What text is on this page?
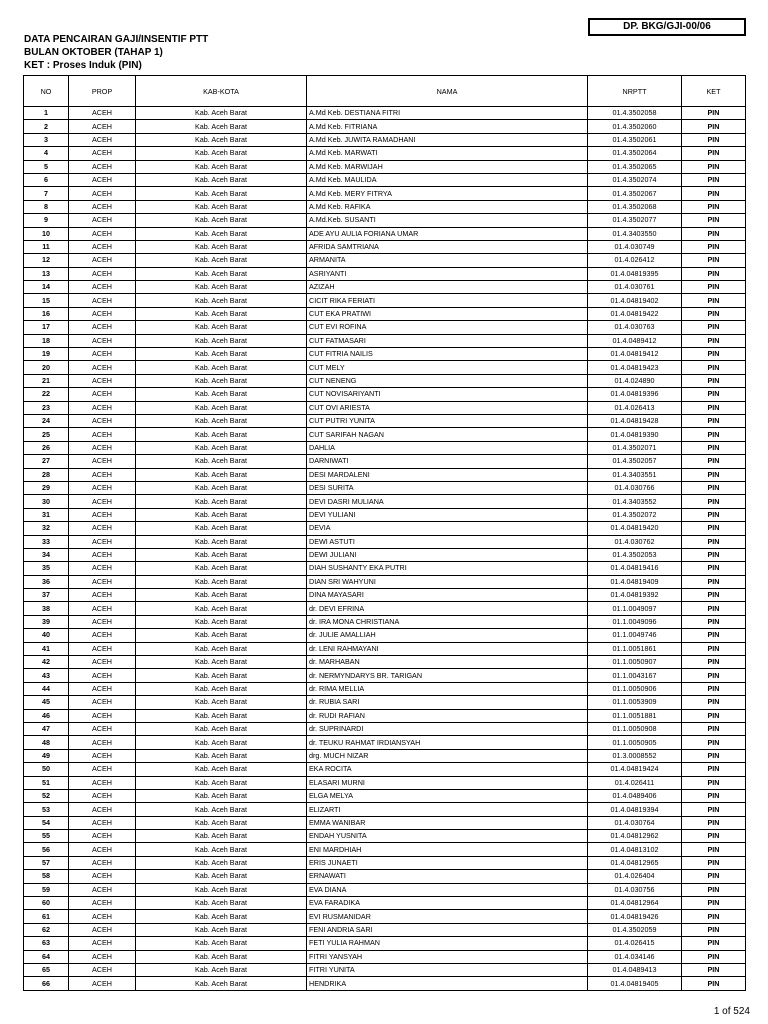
DP. BKG/GJI-00/06
DATA PENCAIRAN GAJI/INSENTIF PTT
BULAN OKTOBER (TAHAP 1)
KET : Proses Induk (PIN)
NO	PROP	KAB-KOTA	NAMA	NRPTT	KET
1	ACEH	Kab. Aceh Barat	A.Md Keb. DESTIANA FITRI	01.4.3502058	PIN
2	ACEH	Kab. Aceh Barat	A.Md Keb. FITRIANA	01.4.3502060	PIN
3	ACEH	Kab. Aceh Barat	A.Md Keb. JUWITA RAMADHANI	01.4.3502061	PIN
4	ACEH	Kab. Aceh Barat	A.Md Keb. MARWATI	01.4.3502064	PIN
5	ACEH	Kab. Aceh Barat	A.Md Keb. MARWIJAH	01.4.3502065	PIN
6	ACEH	Kab. Aceh Barat	A.Md Keb. MAULIDA	01.4.3502074	PIN
7	ACEH	Kab. Aceh Barat	A.Md Keb. MERY FITRYA	01.4.3502067	PIN
8	ACEH	Kab. Aceh Barat	A.Md Keb. RAFIKA	01.4.3502068	PIN
9	ACEH	Kab. Aceh Barat	A.Md.Keb. SUSANTI	01.4.3502077	PIN
10	ACEH	Kab. Aceh Barat	ADE AYU AULIA FORIANA UMAR	01.4.3403550	PIN
11	ACEH	Kab. Aceh Barat	AFRIDA SAMTRIANA	01.4.030749	PIN
12	ACEH	Kab. Aceh Barat	ARMANITA	01.4.026412	PIN
13	ACEH	Kab. Aceh Barat	ASRIYANTI	01.4.04819395	PIN
14	ACEH	Kab. Aceh Barat	AZIZAH	01.4.030761	PIN
15	ACEH	Kab. Aceh Barat	CICIT RIKA FERIATI	01.4.04819402	PIN
16	ACEH	Kab. Aceh Barat	CUT EKA PRATIWI	01.4.04819422	PIN
17	ACEH	Kab. Aceh Barat	CUT EVI ROFINA	01.4.030763	PIN
18	ACEH	Kab. Aceh Barat	CUT FATMASARI	01.4.0489412	PIN
19	ACEH	Kab. Aceh Barat	CUT FITRIA NAILIS	01.4.04819412	PIN
20	ACEH	Kab. Aceh Barat	CUT MELY	01.4.04819423	PIN
21	ACEH	Kab. Aceh Barat	CUT NENENG	01.4.024890	PIN
22	ACEH	Kab. Aceh Barat	CUT NOVISARIYANTI	01.4.04819396	PIN
23	ACEH	Kab. Aceh Barat	CUT OVI ARIESTA	01.4.026413	PIN
24	ACEH	Kab. Aceh Barat	CUT PUTRI YUNITA	01.4.04819428	PIN
25	ACEH	Kab. Aceh Barat	CUT SARIFAH NAGAN	01.4.04819390	PIN
26	ACEH	Kab. Aceh Barat	DAHLIA	01.4.3502071	PIN
27	ACEH	Kab. Aceh Barat	DARNIWATI	01.4.3502057	PIN
28	ACEH	Kab. Aceh Barat	DESI MARDALENI	01.4.3403551	PIN
29	ACEH	Kab. Aceh Barat	DESI SURITA	01.4.030766	PIN
30	ACEH	Kab. Aceh Barat	DEVI DASRI MULIANA	01.4.3403552	PIN
31	ACEH	Kab. Aceh Barat	DEVI YULIANI	01.4.3502072	PIN
32	ACEH	Kab. Aceh Barat	DEVIA	01.4.04819420	PIN
33	ACEH	Kab. Aceh Barat	DEWI ASTUTI	01.4.030762	PIN
34	ACEH	Kab. Aceh Barat	DEWI JULIANI	01.4.3502053	PIN
35	ACEH	Kab. Aceh Barat	DIAH SUSHANTY EKA PUTRI	01.4.04819416	PIN
36	ACEH	Kab. Aceh Barat	DIAN SRI WAHYUNI	01.4.04819409	PIN
37	ACEH	Kab. Aceh Barat	DINA MAYASARI	01.4.04819392	PIN
38	ACEH	Kab. Aceh Barat	dr. DEVI EFRINA	01.1.0049097	PIN
39	ACEH	Kab. Aceh Barat	dr. IRA MONA CHRISTIANA	01.1.0049096	PIN
40	ACEH	Kab. Aceh Barat	dr. JULIE AMALLIAH	01.1.0049746	PIN
41	ACEH	Kab. Aceh Barat	dr. LENI RAHMAYANI	01.1.0051861	PIN
42	ACEH	Kab. Aceh Barat	dr. MARHABAN	01.1.0050907	PIN
43	ACEH	Kab. Aceh Barat	dr. NERMYNDARYS BR. TARIGAN	01.1.0043167	PIN
44	ACEH	Kab. Aceh Barat	dr. RIMA MELLIA	01.1.0050906	PIN
45	ACEH	Kab. Aceh Barat	dr. RUBIA SARI	01.1.0053909	PIN
46	ACEH	Kab. Aceh Barat	dr. RUDI RAFIAN	01.1.0051881	PIN
47	ACEH	Kab. Aceh Barat	dr. SUPRINARDI	01.1.0050908	PIN
48	ACEH	Kab. Aceh Barat	dr. TEUKU RAHMAT IRDIANSYAH	01.1.0050905	PIN
49	ACEH	Kab. Aceh Barat	drg. MUCH NIZAR	01.3.0008552	PIN
50	ACEH	Kab. Aceh Barat	EKA ROCITA	01.4.04819424	PIN
51	ACEH	Kab. Aceh Barat	ELASARI MURNI	01.4.026411	PIN
52	ACEH	Kab. Aceh Barat	ELGA MELYA	01.4.0489406	PIN
53	ACEH	Kab. Aceh Barat	ELIZARTI	01.4.04819394	PIN
54	ACEH	Kab. Aceh Barat	EMMA WANIBAR	01.4.030764	PIN
55	ACEH	Kab. Aceh Barat	ENDAH YUSNITA	01.4.04812962	PIN
56	ACEH	Kab. Aceh Barat	ENI MARDHIAH	01.4.04813102	PIN
57	ACEH	Kab. Aceh Barat	ERIS JUNAETI	01.4.04812965	PIN
58	ACEH	Kab. Aceh Barat	ERNAWATI	01.4.026404	PIN
59	ACEH	Kab. Aceh Barat	EVA DIANA	01.4.030756	PIN
60	ACEH	Kab. Aceh Barat	EVA FARADIKA	01.4.04812964	PIN
61	ACEH	Kab. Aceh Barat	EVI RUSMANIDAR	01.4.04819426	PIN
62	ACEH	Kab. Aceh Barat	FENI ANDRIA SARI	01.4.3502059	PIN
63	ACEH	Kab. Aceh Barat	FETI YULIA RAHMAN	01.4.026415	PIN
64	ACEH	Kab. Aceh Barat	FITRI YANSYAH	01.4.034146	PIN
65	ACEH	Kab. Aceh Barat	FITRI YUNITA	01.4.0489413	PIN
66	ACEH	Kab. Aceh Barat	HENDRIKA	01.4.04819405	PIN
1 of 524
